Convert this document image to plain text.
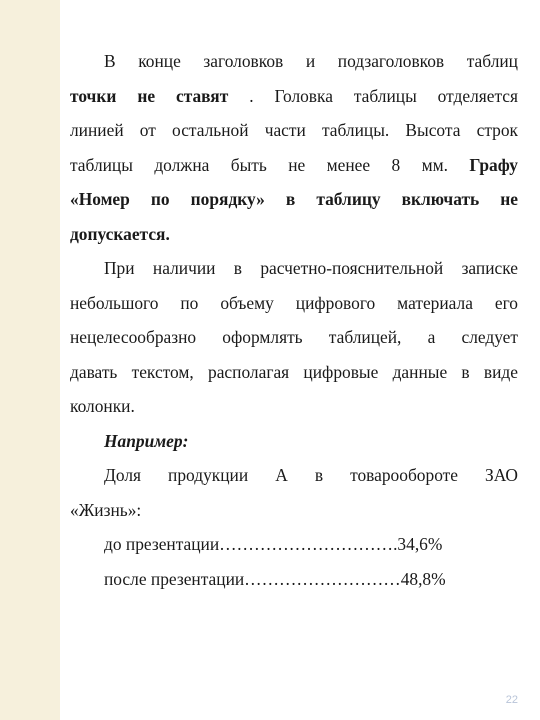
В конце заголовков и подзаголовков таблиц
точки не ставят . Головка таблицы отделяется
линией от остальной части таблицы. Высота строк
таблицы должна быть не менее 8 мм. Графу
«Номер по порядку» в таблицу включать не
допускается.
При наличии в расчетно-пояснительной записке
небольшого по объему цифрового материала его
нецелесообразно оформлять таблицей, а следует
давать текстом, располагая цифровые данные в виде
колонки.
Например:
Доля продукции А в товарообороте ЗАО
«Жизнь»:
до презентации………………………….34,6%
после презентации………………………48,8%
22
